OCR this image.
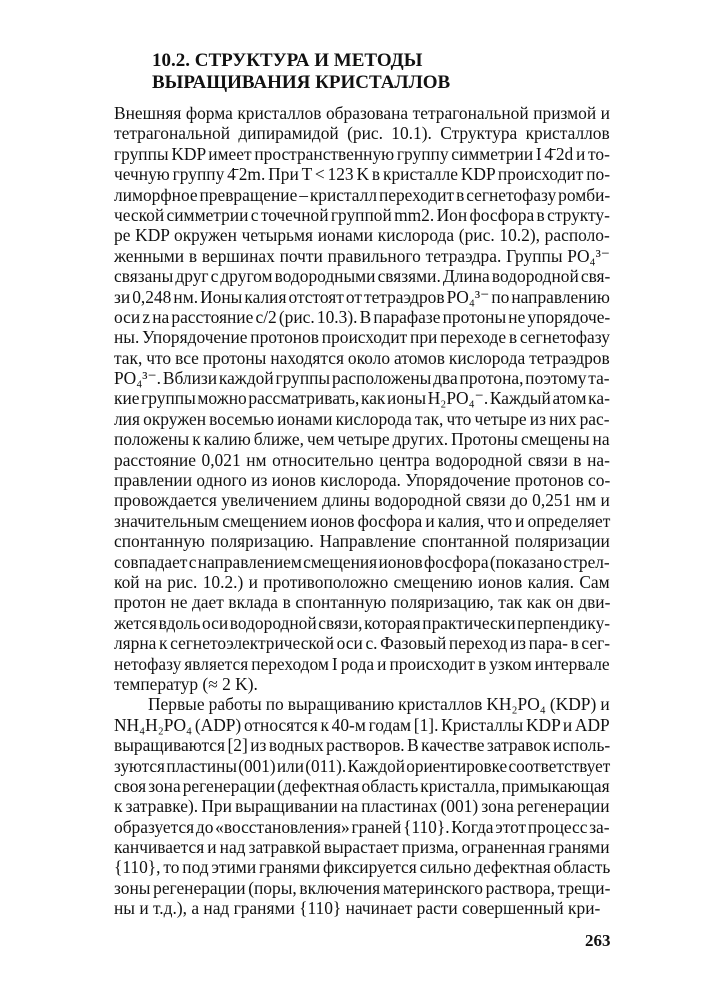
10.2. СТРУКТУРА И МЕТОДЫ
ВЫРАЩИВАНИЯ КРИСТАЛЛОВ
Внешняя форма кристаллов образована тетрагональной призмой и
тетрагональной дипирамидой (рис. 10.1). Структура кристаллов
группы KDP имеет пространственную группу симметрии I 4̄ 2d и то-
чечную группу 4̄ 2m. При T < 123 K в кристалле KDP происходит по-
лиморфное превращение – кристалл переходит в сегнетофазу ромби-
ческой симметрии с точечной группой mm2. Ион фосфора в структу-
ре KDP окружен четырьмя ионами кислорода (рис. 10.2), располо-
женными в вершинах почти правильного тетраэдра. Группы PO₄³⁻
связаны друг с другом водородными связями. Длина водородной свя-
зи 0,248 нм. Ионы калия отстоят от тетраэдров PO₄³⁻ по направлению
оси z на расстояние c/2 (рис. 10.3). В парафазе протоны не упорядоче-
ны. Упорядочение протонов происходит при переходе в сегнетофазу
так, что все протоны находятся около атомов кислорода тетраэдров
PO₄³⁻. Вблизи каждой группы расположены два протона, поэтому та-
кие группы можно рассматривать, как ионы H₂PO₄⁻. Каждый атом ка-
лия окружен восемью ионами кислорода так, что четыре из них рас-
положены к калию ближе, чем четыре других. Протоны смещены на
расстояние 0,021 нм относительно центра водородной связи в на-
правлении одного из ионов кислорода. Упорядочение протонов со-
провождается увеличением длины водородной связи до 0,251 нм и
значительным смещением ионов фосфора и калия, что и определяет
спонтанную поляризацию. Направление спонтанной поляризации
совпадает с направлением смещения ионов фосфора (показано стрел-
кой на рис. 10.2.) и противоположно смещению ионов калия. Сам
протон не дает вклада в спонтанную поляризацию, так как он дви-
жется вдоль оси водородной связи, которая практически перпендику-
лярна к сегнетоэлектрической оси c. Фазовый переход из пара- в сег-
нетофазу является переходом I рода и происходит в узком интервале
температур (≈ 2 K).
Первые работы по выращиванию кристаллов KH₂PO₄ (KDP) и
NH₄H₂PO₄ (ADP) относятся к 40-м годам [1]. Кристаллы KDP и ADP
выращиваются [2] из водных растворов. В качестве затравок исполь-
зуются пластины (001) или (011). Каждой ориентировке соответствует
своя зона регенерации (дефектная область кристалла, примыкающая
к затравке). При выращивании на пластинах (001) зона регенерации
образуется до «восстановления» граней {110}. Когда этот процесс за-
канчивается и над затравкой вырастает призма, ограненная гранями
{110}, то под этими гранями фиксируется сильно дефектная область
зоны регенерации (поры, включения материнского раствора, трещи-
ны и т.д.), а над гранями {110} начинает расти совершенный кри-
263
